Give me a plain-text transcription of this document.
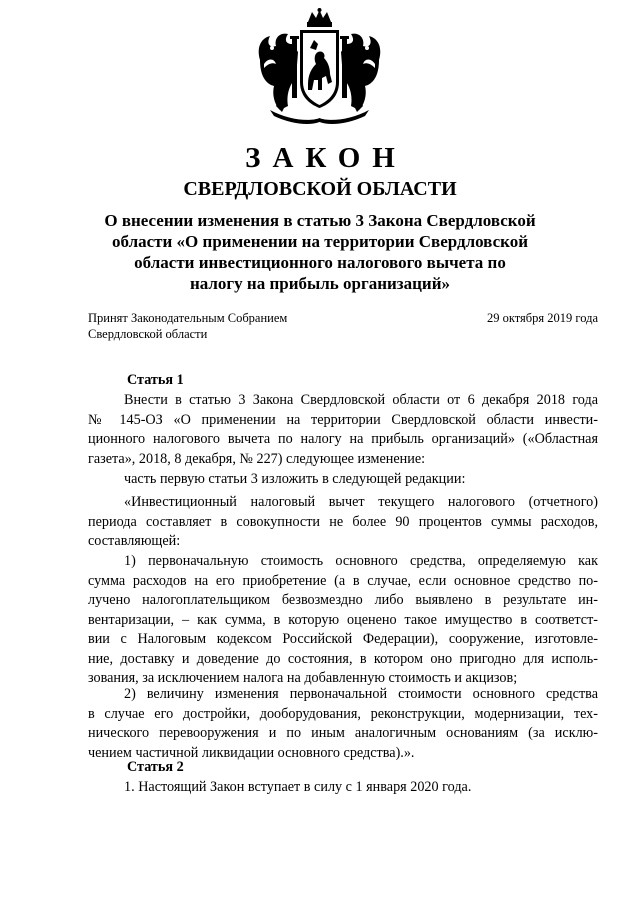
ЗАКОН
СВЕРДЛОВСКОЙ ОБЛАСТИ
О внесении изменения в статью 3 Закона Свердловской
области «О применении на территории Свердловской
области инвестиционного налогового вычета по
налогу на прибыль организаций»
Принят Законодательным Собранием
Свердловской области
29 октября 2019 года
Статья 1
Внести в статью 3 Закона Свердловской области от 6 декабря 2018 года
№ 145-ОЗ «О применении на территории Свердловской области инвести-
ционного налогового вычета по налогу на прибыль организаций» («Областная
газета», 2018, 8 декабря, № 227) следующее изменение:
часть первую статьи 3 изложить в следующей редакции:
«Инвестиционный налоговый вычет текущего налогового (отчетного)
периода составляет в совокупности не более 90 процентов суммы расходов,
составляющей:
1) первоначальную стоимость основного средства, определяемую как
сумма расходов на его приобретение (а в случае, если основное средство по-
лучено налогоплательщиком безвозмездно либо выявлено в результате ин-
вентаризации, – как сумма, в которую оценено такое имущество в соответст-
вии с Налоговым кодексом Российской Федерации), сооружение, изготовле-
ние, доставку и доведение до состояния, в котором оно пригодно для исполь-
зования, за исключением налога на добавленную стоимость и акцизов;
2) величину изменения первоначальной стоимости основного средства
в случае его достройки, дооборудования, реконструкции, модернизации, тех-
нического перевооружения и по иным аналогичным основаниям (за исклю-
чением частичной ликвидации основного средства).».
Статья 2
1. Настоящий Закон вступает в силу с 1 января 2020 года.
